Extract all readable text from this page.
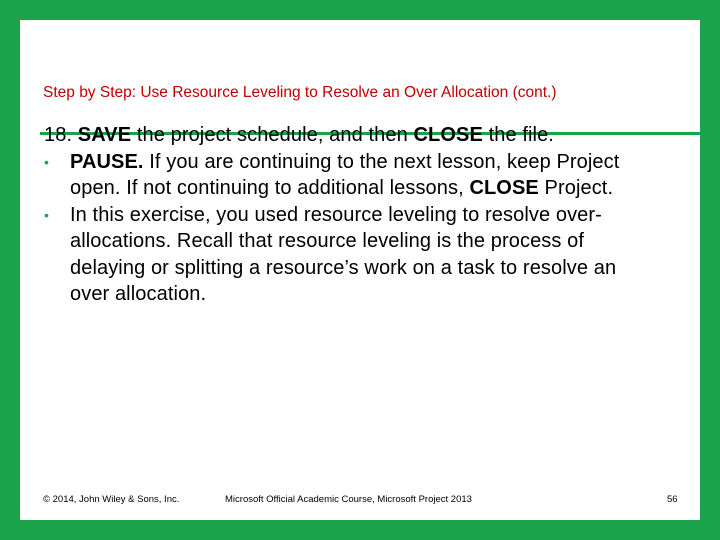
Step by Step: Use Resource Leveling to Resolve an Over Allocation (cont.)
18. SAVE the project schedule, and then CLOSE the file.
• PAUSE. If you are continuing to the next lesson, keep Project
open. If not continuing to additional lessons, CLOSE Project.
• In this exercise, you used resource leveling to resolve over-
allocations. Recall that resource leveling is the process of
delaying or splitting a resource’s work on a task to resolve an
over allocation.
© 2014, John Wiley & Sons, Inc.	Microsoft Official Academic Course, Microsoft Project 2013	56
